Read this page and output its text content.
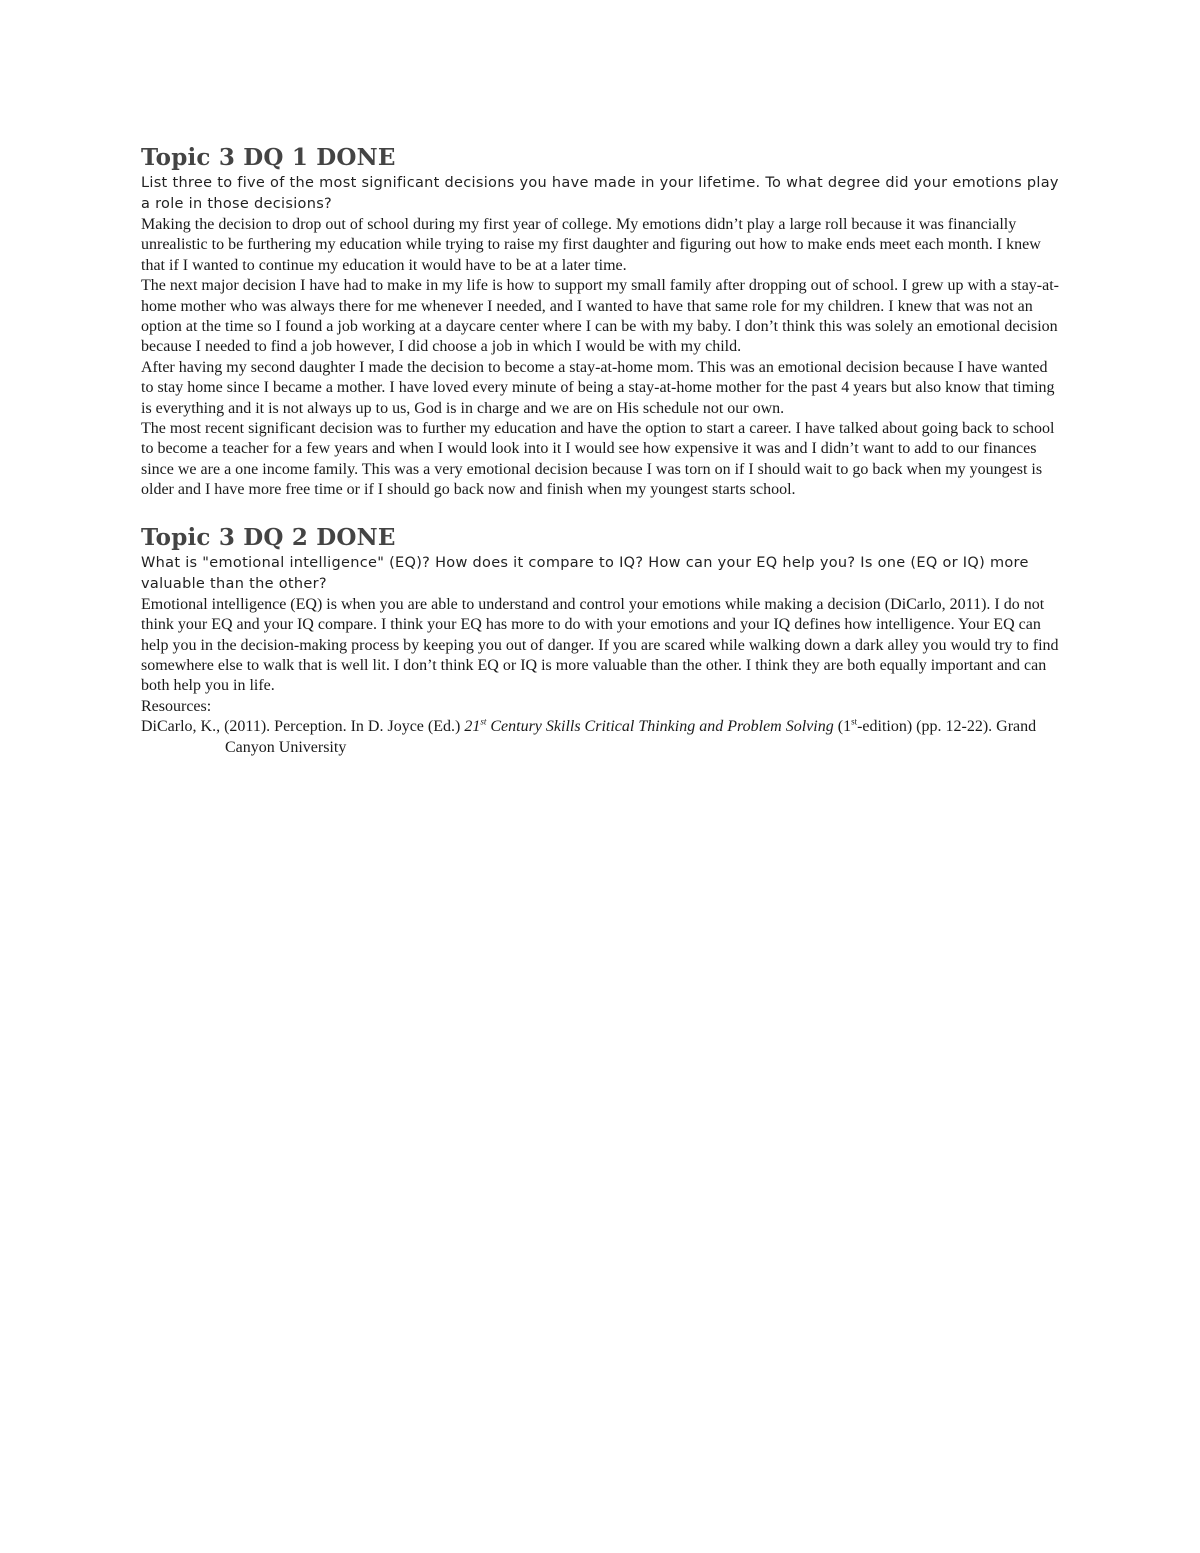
Topic 3 DQ 1 DONE

List three to five of the most significant decisions you have made in your lifetime. To what degree did your emotions play a role in those decisions?

Making the decision to drop out of school during my first year of college. My emotions didn’t play a large roll because it was financially unrealistic to be furthering my education while trying to raise my first daughter and figuring out how to make ends meet each month. I knew that if I wanted to continue my education it would have to be at a later time.

The next major decision I have had to make in my life is how to support my small family after dropping out of school. I grew up with a stay-at-home mother who was always there for me whenever I needed, and I wanted to have that same role for my children. I knew that was not an option at the time so I found a job working at a daycare center where I can be with my baby. I don’t think this was solely an emotional decision because I needed to find a job however, I did choose a job in which I would be with my child.

After having my second daughter I made the decision to become a stay-at-home mom. This was an emotional decision because I have wanted to stay home since I became a mother. I have loved every minute of being a stay-at-home mother for the past 4 years but also know that timing is everything and it is not always up to us, God is in charge and we are on His schedule not our own.

The most recent significant decision was to further my education and have the option to start a career. I have talked about going back to school to become a teacher for a few years and when I would look into it I would see how expensive it was and I didn’t want to add to our finances since we are a one income family. This was a very emotional decision because I was torn on if I should wait to go back when my youngest is older and I have more free time or if I should go back now and finish when my youngest starts school.

Topic 3 DQ 2 DONE

What is "emotional intelligence" (EQ)? How does it compare to IQ? How can your EQ help you? Is one (EQ or IQ) more valuable than the other?

Emotional intelligence (EQ) is when you are able to understand and control your emotions while making a decision (DiCarlo, 2011). I do not think your EQ and your IQ compare. I think your EQ has more to do with your emotions and your IQ defines how intelligence. Your EQ can help you in the decision-making process by keeping you out of danger. If you are scared while walking down a dark alley you would try to find somewhere else to walk that is well lit. I don’t think EQ or IQ is more valuable than the other. I think they are both equally important and can both help you in life.

Resources:

DiCarlo, K., (2011). Perception. In D. Joyce (Ed.) 21st Century Skills Critical Thinking and Problem Solving (1st-edition) (pp. 12-22). Grand Canyon University
